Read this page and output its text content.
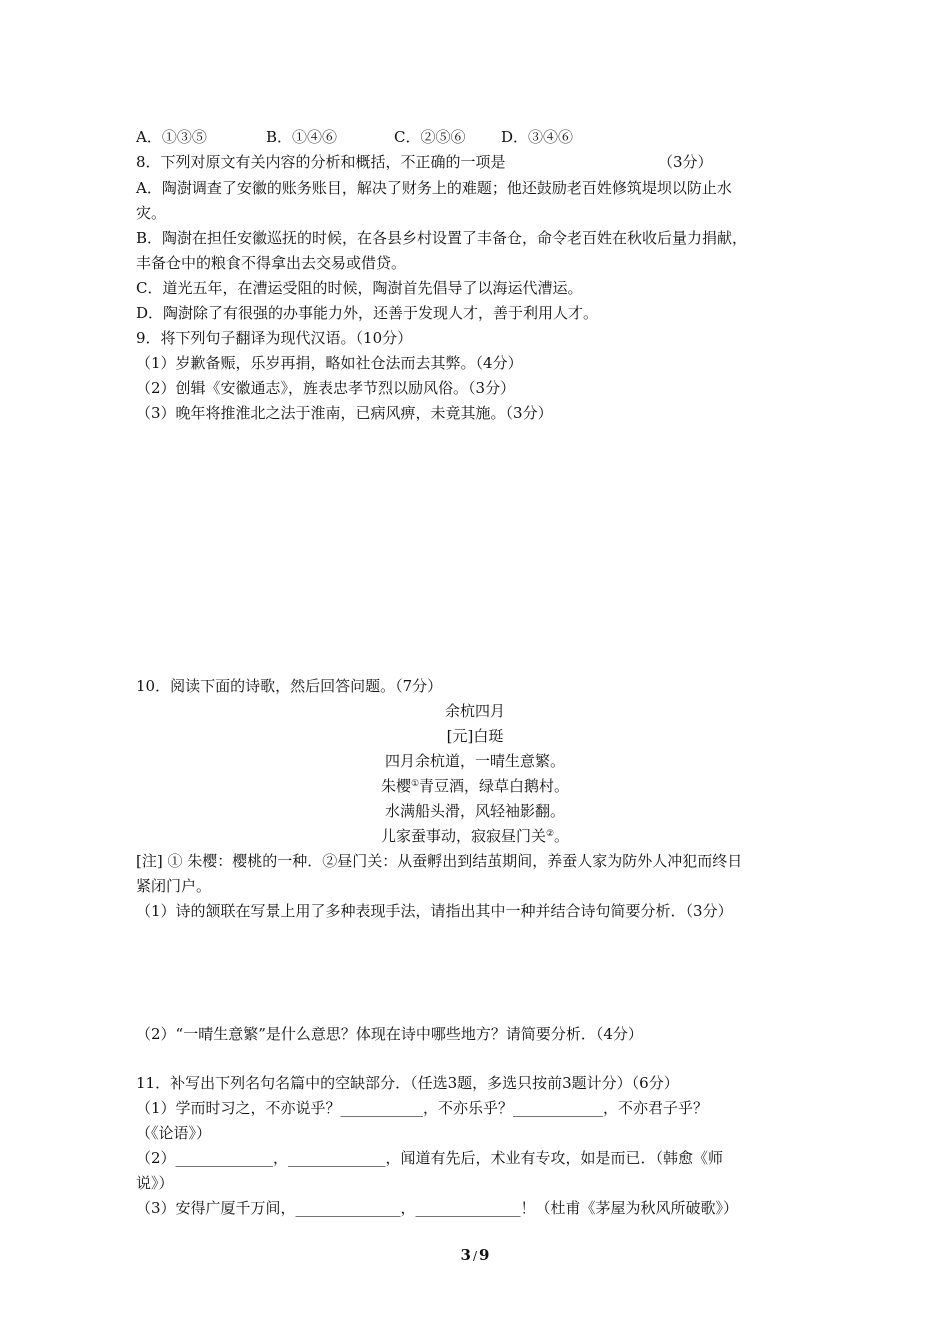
A．①③⑤	B．①④⑥	C．②⑤⑥ D．③④⑥
8．下列对原文有关内容的分析和概括，不正确的一项是	（3分）
A．陶澍调查了安徽的账务账目，解决了财务上的难题；他还鼓励老百姓修筑堤坝以防止水
灾。
B．陶澍在担任安徽巡抚的时候，在各县乡村设置了丰备仓，命令老百姓在秋收后量力捐献，
丰备仓中的粮食不得拿出去交易或借贷。
C．道光五年，在漕运受阻的时候，陶澍首先倡导了以海运代漕运。
D．陶澍除了有很强的办事能力外，还善于发现人才，善于利用人才。
9．将下列句子翻译为现代汉语。（10分）
（1）岁歉备赈，乐岁再捐，略如社仓法而去其弊。（4分）
（2）创辑《安徽通志》，旌表忠孝节烈以励风俗。（3分）
（3）晚年将推淮北之法于淮南，已病风痹，未竟其施。（3分）
10．阅读下面的诗歌，然后回答问题。（7分）
余杭四月
[元]白珽
四月余杭道，一晴生意繁。
朱樱①青豆酒，绿草白鹅村。
水满船头滑，风轻袖影翻。
儿家蚕事动，寂寂昼门关②。
[注] ① 朱樱：樱桃的一种．②昼门关：从蚕孵出到结茧期间，养蚕人家为防外人冲犯而终日
紧闭门户。
（1）诗的颔联在写景上用了多种表现手法，请指出其中一种并结合诗句简要分析．（3分）
（2）“一晴生意繁”是什么意思？体现在诗中哪些地方？请简要分析．（4分）
11．补写出下列名句名篇中的空缺部分．（任选3题，多选只按前3题计分）（6分）
（1）学而时习之，不亦说乎？___________，不亦乐乎？____________，不亦君子乎？
（《论语》）
（2）_____________，_____________，闻道有先后，术业有专攻，如是而已．（韩愈《师
说》）
（3）安得广厦千万间，______________，______________！（杜甫《茅屋为秋风所破歌》）
3 / 9
